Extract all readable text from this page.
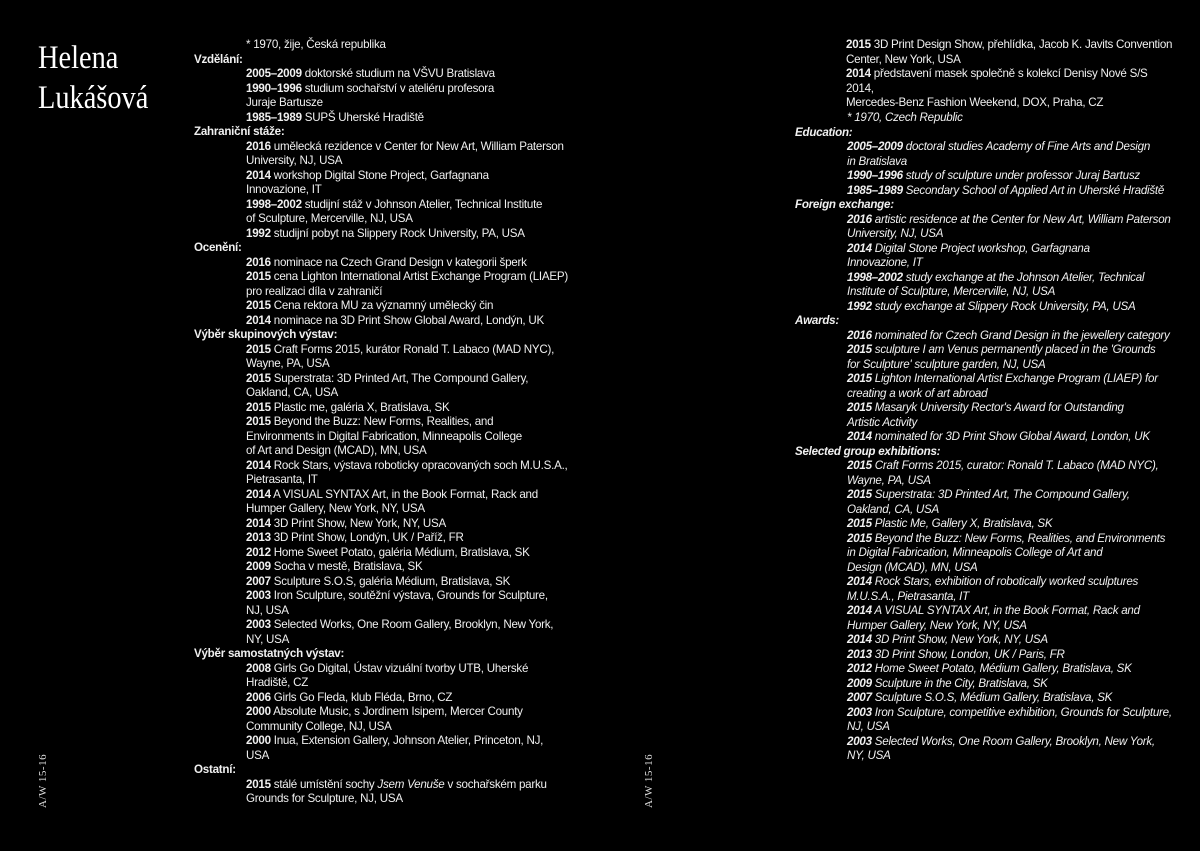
Helena
Lukášová
* 1970, žije, Česká republika
Vzdělání:
2005–2009 doktorské studium na VŠVU Bratislava
1990–1996 studium sochařství v ateliéru profesora
Juraje Bartusze
1985–1989 SUPŠ Uherské Hradiště
Zahraniční stáže:
2016 umělecká rezidence v Center for New Art, William Paterson
University, NJ, USA
2014 workshop Digital Stone Project, Garfagnana
Innovazione, IT
1998–2002 studijní stáž v Johnson Atelier, Technical Institute
of Sculpture, Mercerville, NJ, USA
1992 studijní pobyt na Slippery Rock University, PA, USA
Ocenění:
2016 nominace na Czech Grand Design v kategorii šperk
2015 cena Lighton International Artist Exchange Program (LIAEP)
pro realizaci díla v zahraničí
2015 Cena rektora MU za významný umělecký čin
2014 nominace na 3D Print Show Global Award, Londýn, UK
Výběr skupinových výstav:
2015 Craft Forms 2015, kurátor Ronald T. Labaco (MAD NYC),
Wayne, PA, USA
2015 Superstrata: 3D Printed Art, The Compound Gallery,
Oakland, CA, USA
2015 Plastic me, galéria X, Bratislava, SK
2015 Beyond the Buzz: New Forms, Realities, and
Environments in Digital Fabrication, Minneapolis College
of Art and Design (MCAD), MN, USA
2014 Rock Stars, výstava roboticky opracovaných soch M.U.S.A.,
Pietrasanta, IT
2014 A VISUAL SYNTAX Art, in the Book Format, Rack and
Humper Gallery, New York, NY, USA
2014 3D Print Show, New York, NY, USA
2013 3D Print Show, Londýn, UK / Paříž, FR
2012 Home Sweet Potato, galéria Médium, Bratislava, SK
2009 Socha v mestě, Bratislava, SK
2007 Sculpture S.O.S, galéria Médium, Bratislava, SK
2003 Iron Sculpture, soutěžní výstava, Grounds for Sculpture,
NJ, USA
2003 Selected Works, One Room Gallery, Brooklyn, New York,
NY, USA
Výběr samostatných výstav:
2008 Girls Go Digital, Ústav vizuální tvorby UTB, Uherské
Hradiště, CZ
2006 Girls Go Fleda, klub Fléda, Brno, CZ
2000 Absolute Music, s Jordinem Isipem, Mercer County
Community College, NJ, USA
2000 Inua, Extension Gallery, Johnson Atelier, Princeton, NJ, USA
Ostatní:
2015 stálé umístění sochy Jsem Venuše v sochařském parku
Grounds for Sculpture, NJ, USA
2015 3D Print Design Show, přehlídka, Jacob K. Javits Convention
Center, New York, USA
2014 představení masek společně s kolekcí Denisy Nové S/S 2014,
Mercedes-Benz Fashion Weekend, DOX, Praha, CZ
* 1970, Czech Republic
Education:
2005–2009 doctoral studies Academy of Fine Arts and Design
in Bratislava
1990–1996 study of sculpture under professor Juraj Bartusz
1985–1989 Secondary School of Applied Art in Uherské Hradiště
Foreign exchange:
2016 artistic residence at the Center for New Art, William Paterson
University, NJ, USA
2014 Digital Stone Project workshop, Garfagnana
Innovazione, IT
1998–2002 study exchange at the Johnson Atelier, Technical
Institute of Sculpture, Mercerville, NJ, USA
1992 study exchange at Slippery Rock University, PA, USA
Awards:
2016 nominated for Czech Grand Design in the jewellery category
2015 sculpture I am Venus permanently placed in the 'Grounds
for Sculpture' sculpture garden, NJ, USA
2015 Lighton International Artist Exchange Program (LIAEP) for
creating a work of art abroad
2015 Masaryk University Rector's Award for Outstanding
Artistic Activity
2014 nominated for 3D Print Show Global Award, London, UK
Selected group exhibitions:
2015 Craft Forms 2015, curator: Ronald T. Labaco (MAD NYC),
Wayne, PA, USA
2015 Superstrata: 3D Printed Art, The Compound Gallery,
Oakland, CA, USA
2015 Plastic Me, Gallery X, Bratislava, SK
2015 Beyond the Buzz: New Forms, Realities, and Environments
in Digital Fabrication, Minneapolis College of Art and
Design (MCAD), MN, USA
2014 Rock Stars, exhibition of robotically worked sculptures
M.U.S.A., Pietrasanta, IT
2014 A VISUAL SYNTAX Art, in the Book Format, Rack and
Humper Gallery, New York, NY, USA
2014 3D Print Show, New York, NY, USA
2013 3D Print Show, London, UK / Paris, FR
2012 Home Sweet Potato, Médium Gallery, Bratislava, SK
2009 Sculpture in the City, Bratislava, SK
2007 Sculpture S.O.S, Médium Gallery, Bratislava, SK
2003 Iron Sculpture, competitive exhibition, Grounds for Sculpture,
NJ, USA
2003 Selected Works, One Room Gallery, Brooklyn, New York,
NY, USA
A/W 15-16	A/W 15-16
